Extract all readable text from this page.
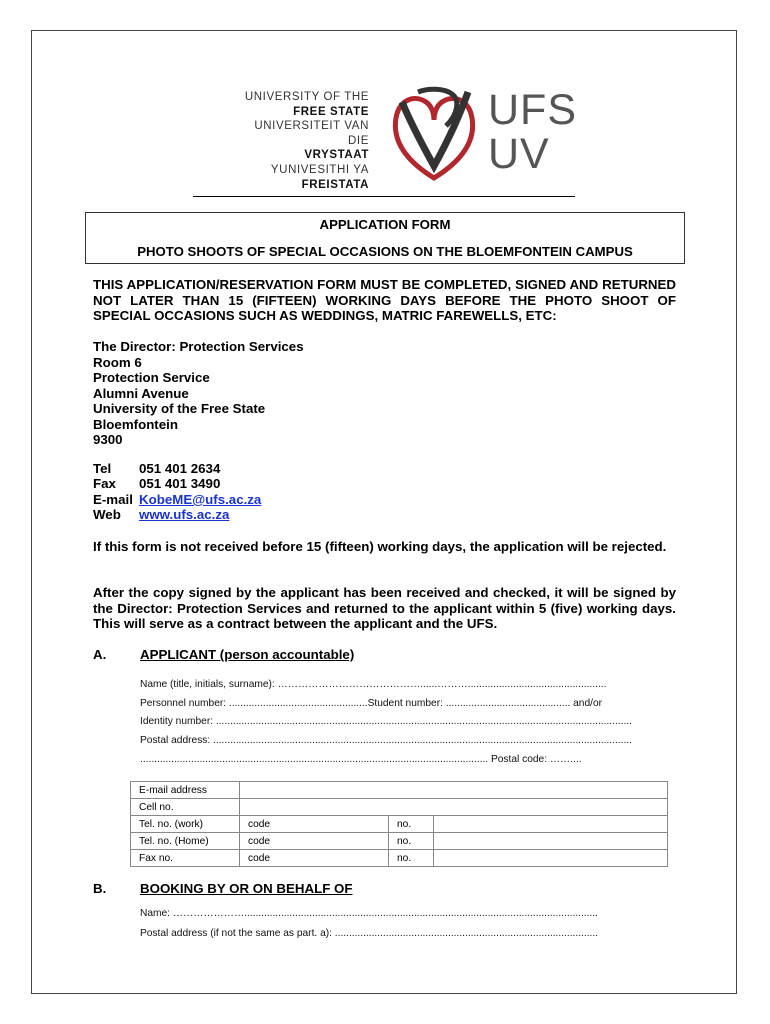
UNIVERSITY OF THE
FREE STATE
UNIVERSITEIT VAN DIE
VRYSTAAT
YUNIVESITHI YA
FREISTATA
UFS
UV
APPLICATION FORM
PHOTO SHOOTS OF SPECIAL OCCASIONS ON THE BLOEMFONTEIN CAMPUS
THIS APPLICATION/RESERVATION FORM MUST BE COMPLETED, SIGNED AND RETURNED NOT LATER THAN 15 (FIFTEEN) WORKING DAYS BEFORE THE PHOTO SHOOT OF SPECIAL OCCASIONS SUCH AS WEDDINGS, MATRIC FAREWELLS, ETC:
The Director: Protection Services
Room 6
Protection Service
Alumni Avenue
University of the Free State
Bloemfontein
9300
Tel	051 401 2634
Fax	051 401 3490
E-mail	KobeME@ufs.ac.za
Web	www.ufs.ac.za
If this form is not received before 15 (fifteen) working days, the application will be rejected.
After the copy signed by the applicant has been received and checked, it will be signed by the Director: Protection Services and returned to the applicant within 5 (five) working days. This will serve as a contract between the applicant and the UFS.
A.	APPLICANT (person accountable)
Name (title, initials, surname): ……………………………………......……….................................................
Personnel number: .................................................Student number: ............................................ and/or
Identity number: ...................................................................................................................................................
Postal address: ....................................................................................................................................................
........................................................................................................................... Postal code: ……....
E-mail address			
Cell no.			
Tel. no. (work)	code	no.	
Tel. no. (Home)	code	no.	
Fax no.	code	no.	
B.	BOOKING BY OR ON BEHALF OF
Name: ………………….............................................................................................................................
Postal address (if not the same as part. a): .............................................................................................
